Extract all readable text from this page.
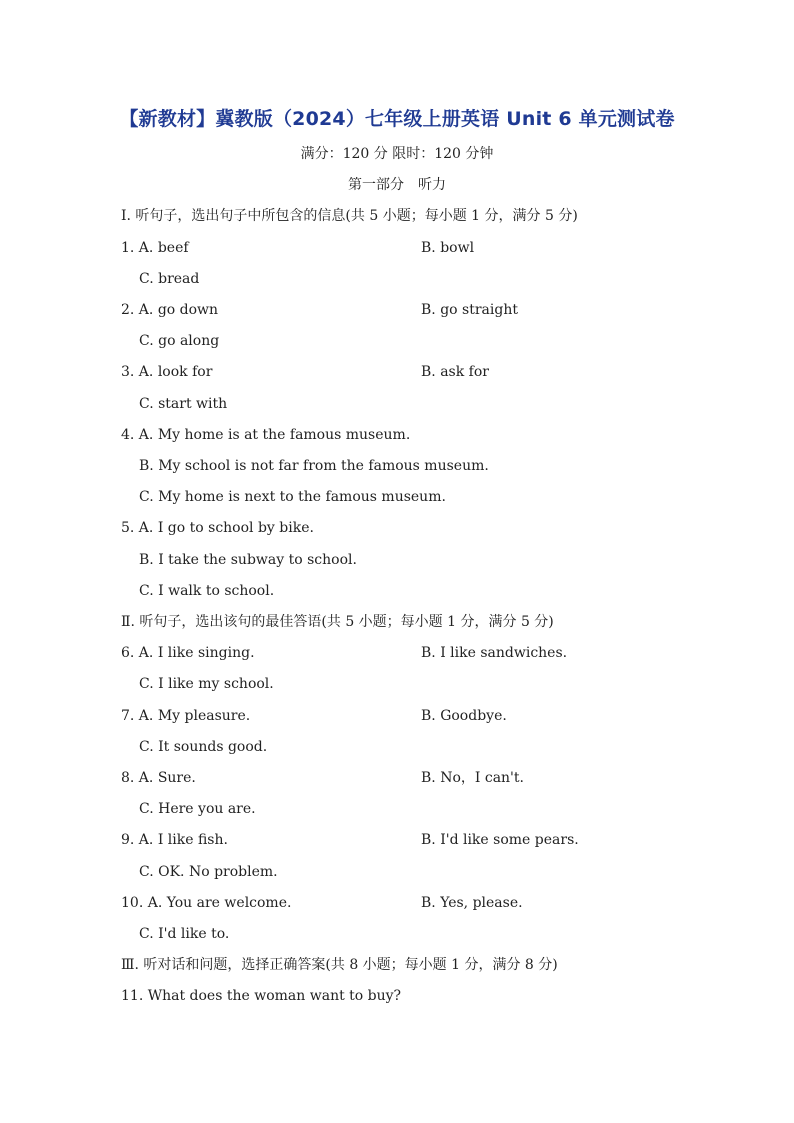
【新教材】冀教版（2024）七年级上册英语 Unit 6 单元测试卷
满分：120 分 限时：120 分钟
第一部分　听力
Ⅰ. 听句子，选出句子中所包含的信息(共 5 小题；每小题 1 分，满分 5 分)
1. A. beef	B. bowl
C. bread
2. A. go down	B. go straight
C. go along
3. A. look for	B. ask for
C. start with
4. A. My home is at the famous museum.
B. My school is not far from the famous museum.
C. My home is next to the famous museum.
5. A. I go to school by bike.
B. I take the subway to school.
C. I walk to school.
Ⅱ. 听句子，选出该句的最佳答语(共 5 小题；每小题 1 分，满分 5 分)
6. A. I like singing.	B. I like sandwiches.
C. I like my school.
7. A. My pleasure.	B. Goodbye.
C. It sounds good.
8. A. Sure.	B. No，I can't.
C. Here you are.
9. A. I like fish.	B. I'd like some pears.
C. OK. No problem.
10. A. You are welcome.	B. Yes, please.
C. I'd like to.
Ⅲ. 听对话和问题，选择正确答案(共 8 小题；每小题 1 分，满分 8 分)
11. What does the woman want to buy?
